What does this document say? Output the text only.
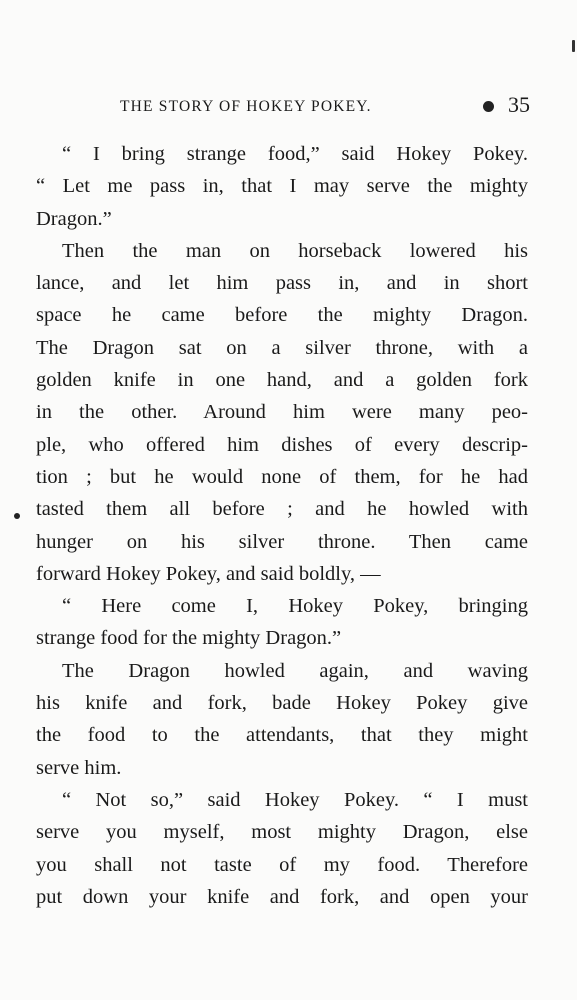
THE STORY OF HOKEY POKEY.	35
“ I bring strange food,” said Hokey Pokey.
“ Let me pass in, that I may serve the mighty
Dragon.”
Then the man on horseback lowered his
lance, and let him pass in, and in short
space he came before the mighty Dragon.
The Dragon sat on a silver throne, with a
golden knife in one hand, and a golden fork
in the other. Around him were many peo-
ple, who offered him dishes of every descrip-
tion ; but he would none of them, for he had
tasted them all before ; and he howled with
hunger on his silver throne. Then came
forward Hokey Pokey, and said boldly, —
“ Here come I, Hokey Pokey, bringing
strange food for the mighty Dragon.”
The Dragon howled again, and waving
his knife and fork, bade Hokey Pokey give
the food to the attendants, that they might
serve him.
“ Not so,” said Hokey Pokey. “ I must
serve you myself, most mighty Dragon, else
you shall not taste of my food. Therefore
put down your knife and fork, and open your
